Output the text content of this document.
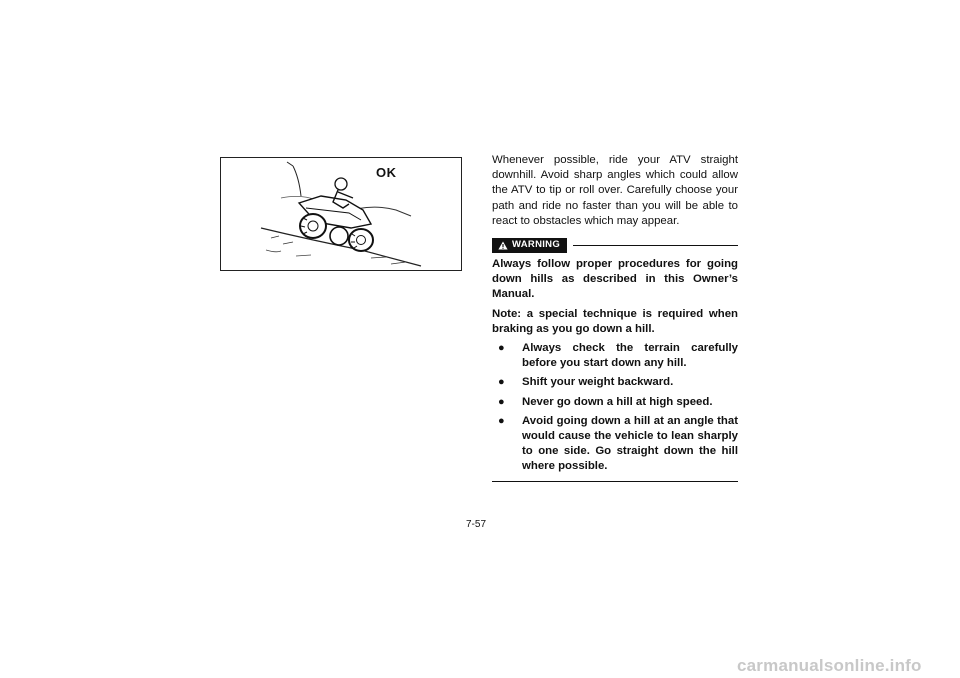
OK

Whenever possible, ride your ATV straight downhill. Avoid sharp angles which could allow the ATV to tip or roll over. Carefully choose your path and ride no faster than you will be able to react to obstacles which may appear.

WARNING

Always follow proper procedures for going down hills as described in this Owner’s Manual.

Note: a special technique is required when braking as you go down a hill.

●	Always check the terrain carefully before you start down any hill.
●	Shift your weight backward.
●	Never go down a hill at high speed.
●	Avoid going down a hill at an angle that would cause the vehicle to lean sharply to one side. Go straight down the hill where possible.
7-57
carmanualsonline.info
